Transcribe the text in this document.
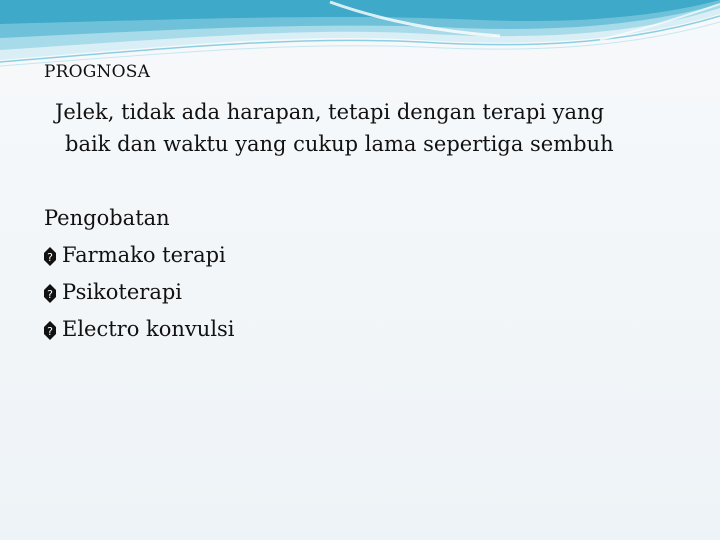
PROGNOSA
Jelek, tidak ada harapan, tetapi dengan terapi yang
baik dan waktu yang cukup lama sepertiga sembuh
Pengobatan
? Farmako terapi
? Psikoterapi
? Electro konvulsi
